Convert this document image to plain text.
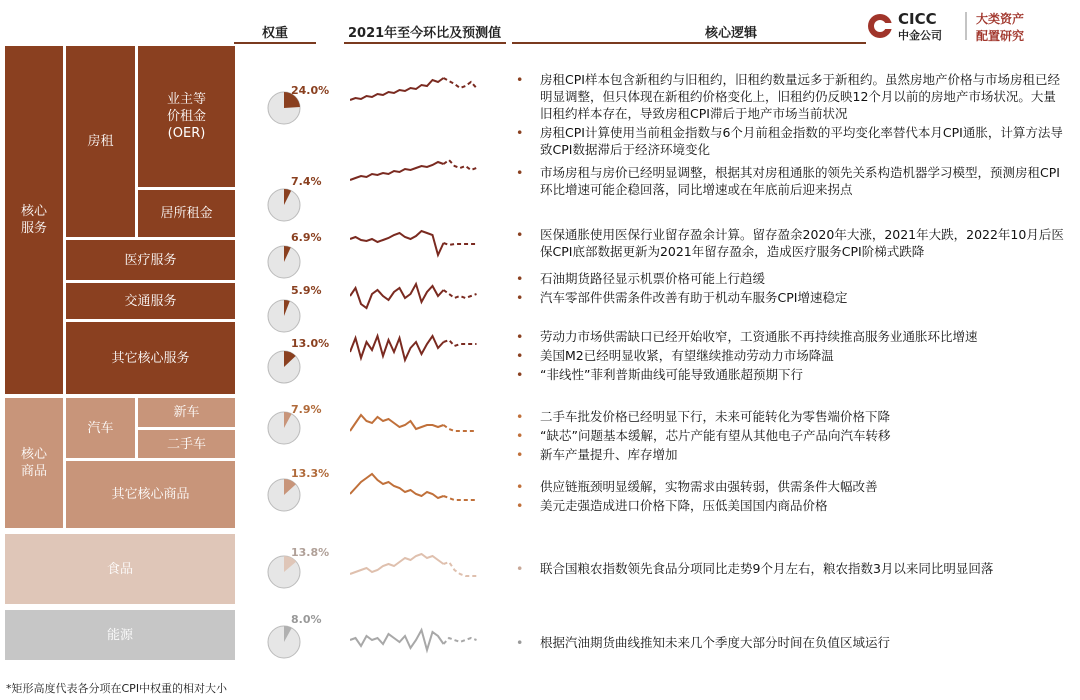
权重	2021年至今环比及预测值	核心逻辑
CICC
中金公司
大类资产
配置研究
核心
服务
房租
业主等
价租金
(OER)
居所租金
医疗服务
交通服务
其它核心服务
核心
商品
汽车
新车
二手车
其它核心商品
食品
能源
24.0%
7.4%
6.9%
5.9%
13.0%
7.9%
13.3%
13.8%
8.0%
• 房租CPI样本包含新租约与旧租约，旧租约数量远多于新租约。虽然房地产价格与市场房租已经明显调整，但只体现在新租约价格变化上，旧租约仍反映12个月以前的房地产市场状况。大量旧租约样本存在，导致房租CPI滞后于地产市场当前状况
• 房租CPI计算使用当前租金指数与6个月前租金指数的平均变化率替代本月CPI通胀，计算方法导致CPI数据滞后于经济环境变化
• 市场房租与房价已经明显调整，根据其对房租通胀的领先关系构造机器学习模型，预测房租CPI环比增速可能企稳回落，同比增速或在年底前后迎来拐点
• 医保通胀使用医保行业留存盈余计算。留存盈余2020年大涨，2021年大跌，2022年10月后医保CPI底部数据更新为2021年留存盈余，造成医疗服务CPI阶梯式跌降
• 石油期货路径显示机票价格可能上行趋缓
• 汽车零部件供需条件改善有助于机动车服务CPI增速稳定
• 劳动力市场供需缺口已经开始收窄，工资通胀不再持续推高服务业通胀环比增速
• 美国M2已经明显收紧，有望继续推动劳动力市场降温
• “非线性”菲利普斯曲线可能导致通胀超预期下行
• 二手车批发价格已经明显下行，未来可能转化为零售端价格下降
• “缺芯”问题基本缓解，芯片产能有望从其他电子产品向汽车转移
• 新车产量提升、库存增加
• 供应链瓶颈明显缓解，实物需求由强转弱，供需条件大幅改善
• 美元走强造成进口价格下降，压低美国国内商品价格
• 联合国粮农指数领先食品分项同比走势9个月左右，粮农指数3月以来同比明显回落
• 根据汽油期货曲线推知未来几个季度大部分时间在负值区域运行
*矩形高度代表各分项在CPI中权重的相对大小
